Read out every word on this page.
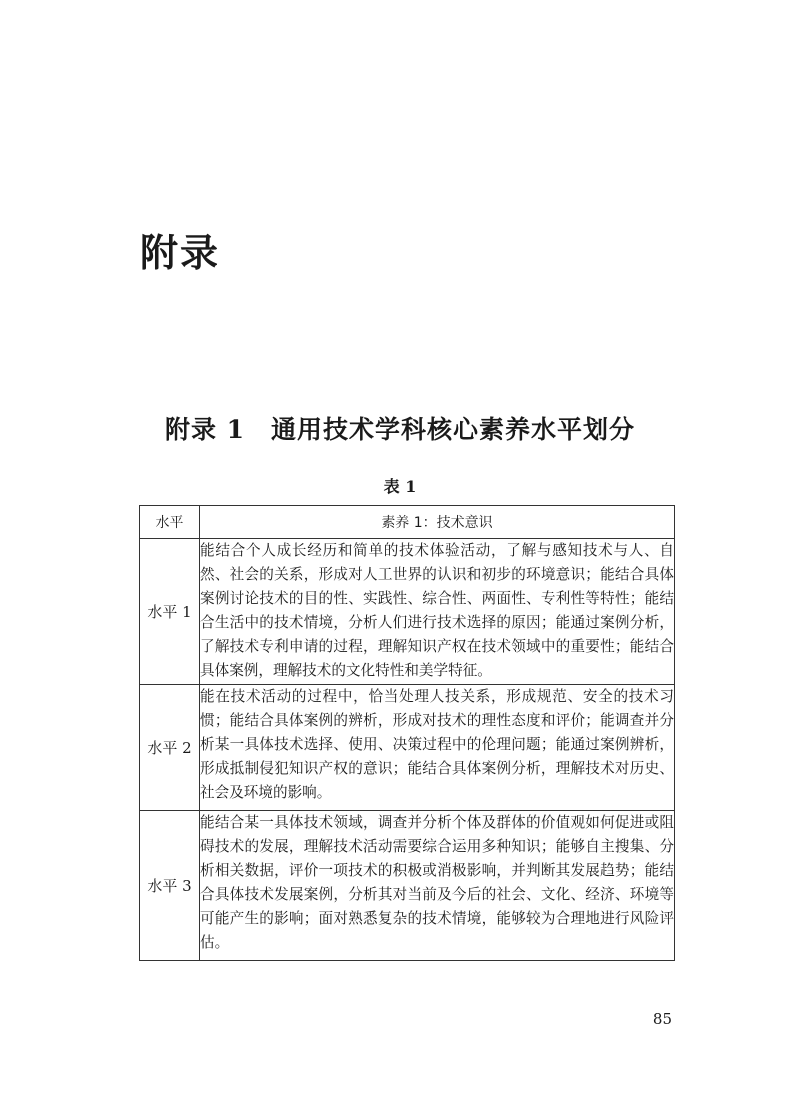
附录
附录 1　通用技术学科核心素养水平划分
表 1
水平	素养 1：技术意识
水平 1	能结合个人成长经历和简单的技术体验活动，了解与感知技术与人、自然、社会的关系，形成对人工世界的认识和初步的环境意识；能结合具体案例讨论技术的目的性、实践性、综合性、两面性、专利性等特性；能结合生活中的技术情境，分析人们进行技术选择的原因；能通过案例分析，了解技术专利申请的过程，理解知识产权在技术领域中的重要性；能结合具体案例，理解技术的文化特性和美学特征。
水平 2	能在技术活动的过程中，恰当处理人技关系，形成规范、安全的技术习惯；能结合具体案例的辨析，形成对技术的理性态度和评价；能调查并分析某一具体技术选择、使用、决策过程中的伦理问题；能通过案例辨析，形成抵制侵犯知识产权的意识；能结合具体案例分析，理解技术对历史、社会及环境的影响。
水平 3	能结合某一具体技术领域，调查并分析个体及群体的价值观如何促进或阻碍技术的发展，理解技术活动需要综合运用多种知识；能够自主搜集、分析相关数据，评价一项技术的积极或消极影响，并判断其发展趋势；能结合具体技术发展案例，分析其对当前及今后的社会、文化、经济、环境等可能产生的影响；面对熟悉复杂的技术情境，能够较为合理地进行风险评估。
85
